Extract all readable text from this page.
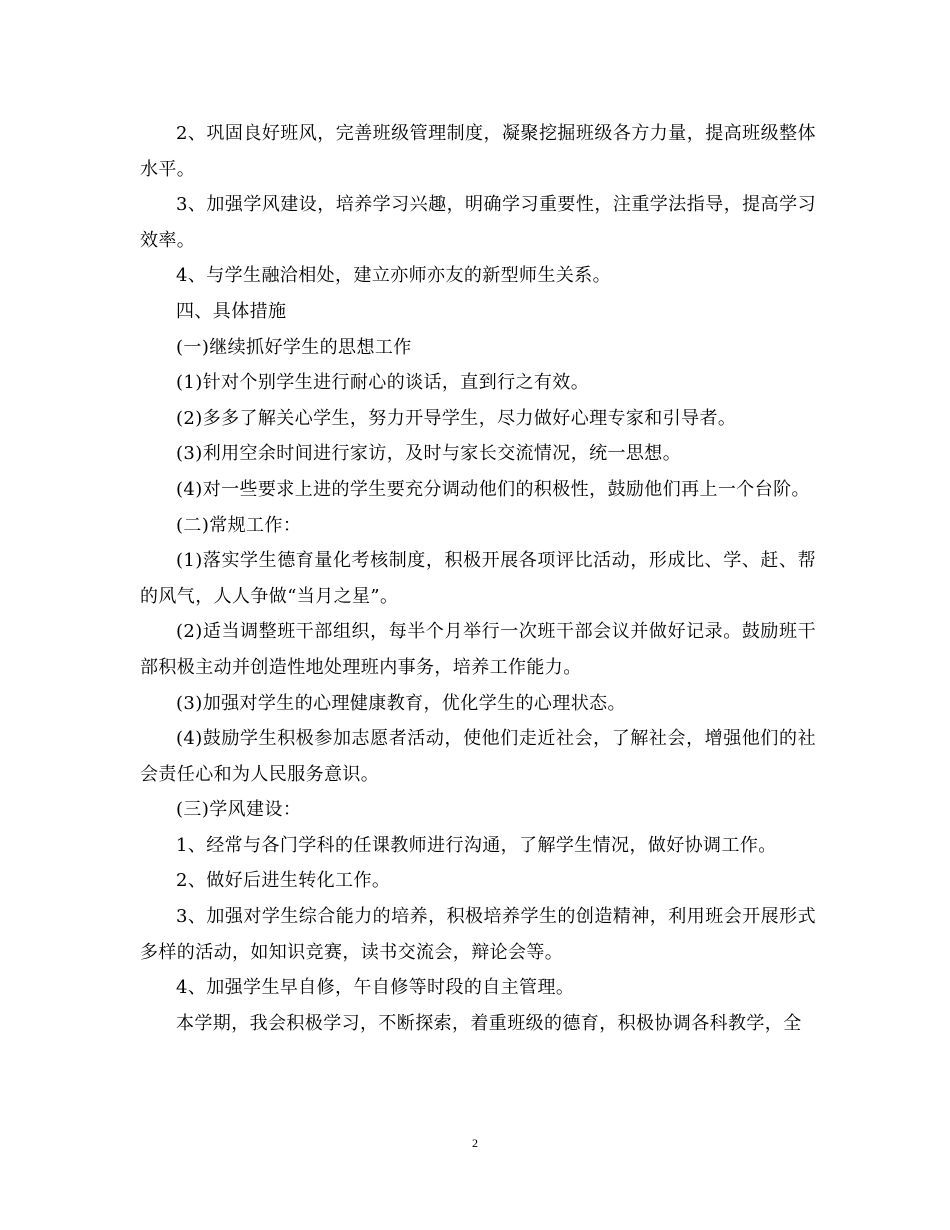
2、巩固良好班风，完善班级管理制度，凝聚挖掘班级各方力量，提高班级整体水平。

3、加强学风建设，培养学习兴趣，明确学习重要性，注重学法指导，提高学习效率。

4、与学生融洽相处，建立亦师亦友的新型师生关系。

四、具体措施

(一)继续抓好学生的思想工作

(1)针对个别学生进行耐心的谈话，直到行之有效。

(2)多多了解关心学生，努力开导学生，尽力做好心理专家和引导者。

(3)利用空余时间进行家访，及时与家长交流情况，统一思想。

(4)对一些要求上进的学生要充分调动他们的积极性，鼓励他们再上一个台阶。

(二)常规工作：

(1)落实学生德育量化考核制度，积极开展各项评比活动，形成比、学、赶、帮的风气，人人争做“当月之星”。

(2)适当调整班干部组织，每半个月举行一次班干部会议并做好记录。鼓励班干部积极主动并创造性地处理班内事务，培养工作能力。

(3)加强对学生的心理健康教育，优化学生的心理状态。

(4)鼓励学生积极参加志愿者活动，使他们走近社会，了解社会，增强他们的社会责任心和为人民服务意识。

(三)学风建设：

1、经常与各门学科的任课教师进行沟通，了解学生情况，做好协调工作。

2、做好后进生转化工作。

3、加强对学生综合能力的培养，积极培养学生的创造精神，利用班会开展形式多样的活动，如知识竞赛，读书交流会，辩论会等。

4、加强学生早自修，午自修等时段的自主管理。

本学期，我会积极学习，不断探索，着重班级的德育，积极协调各科教学，全

2
